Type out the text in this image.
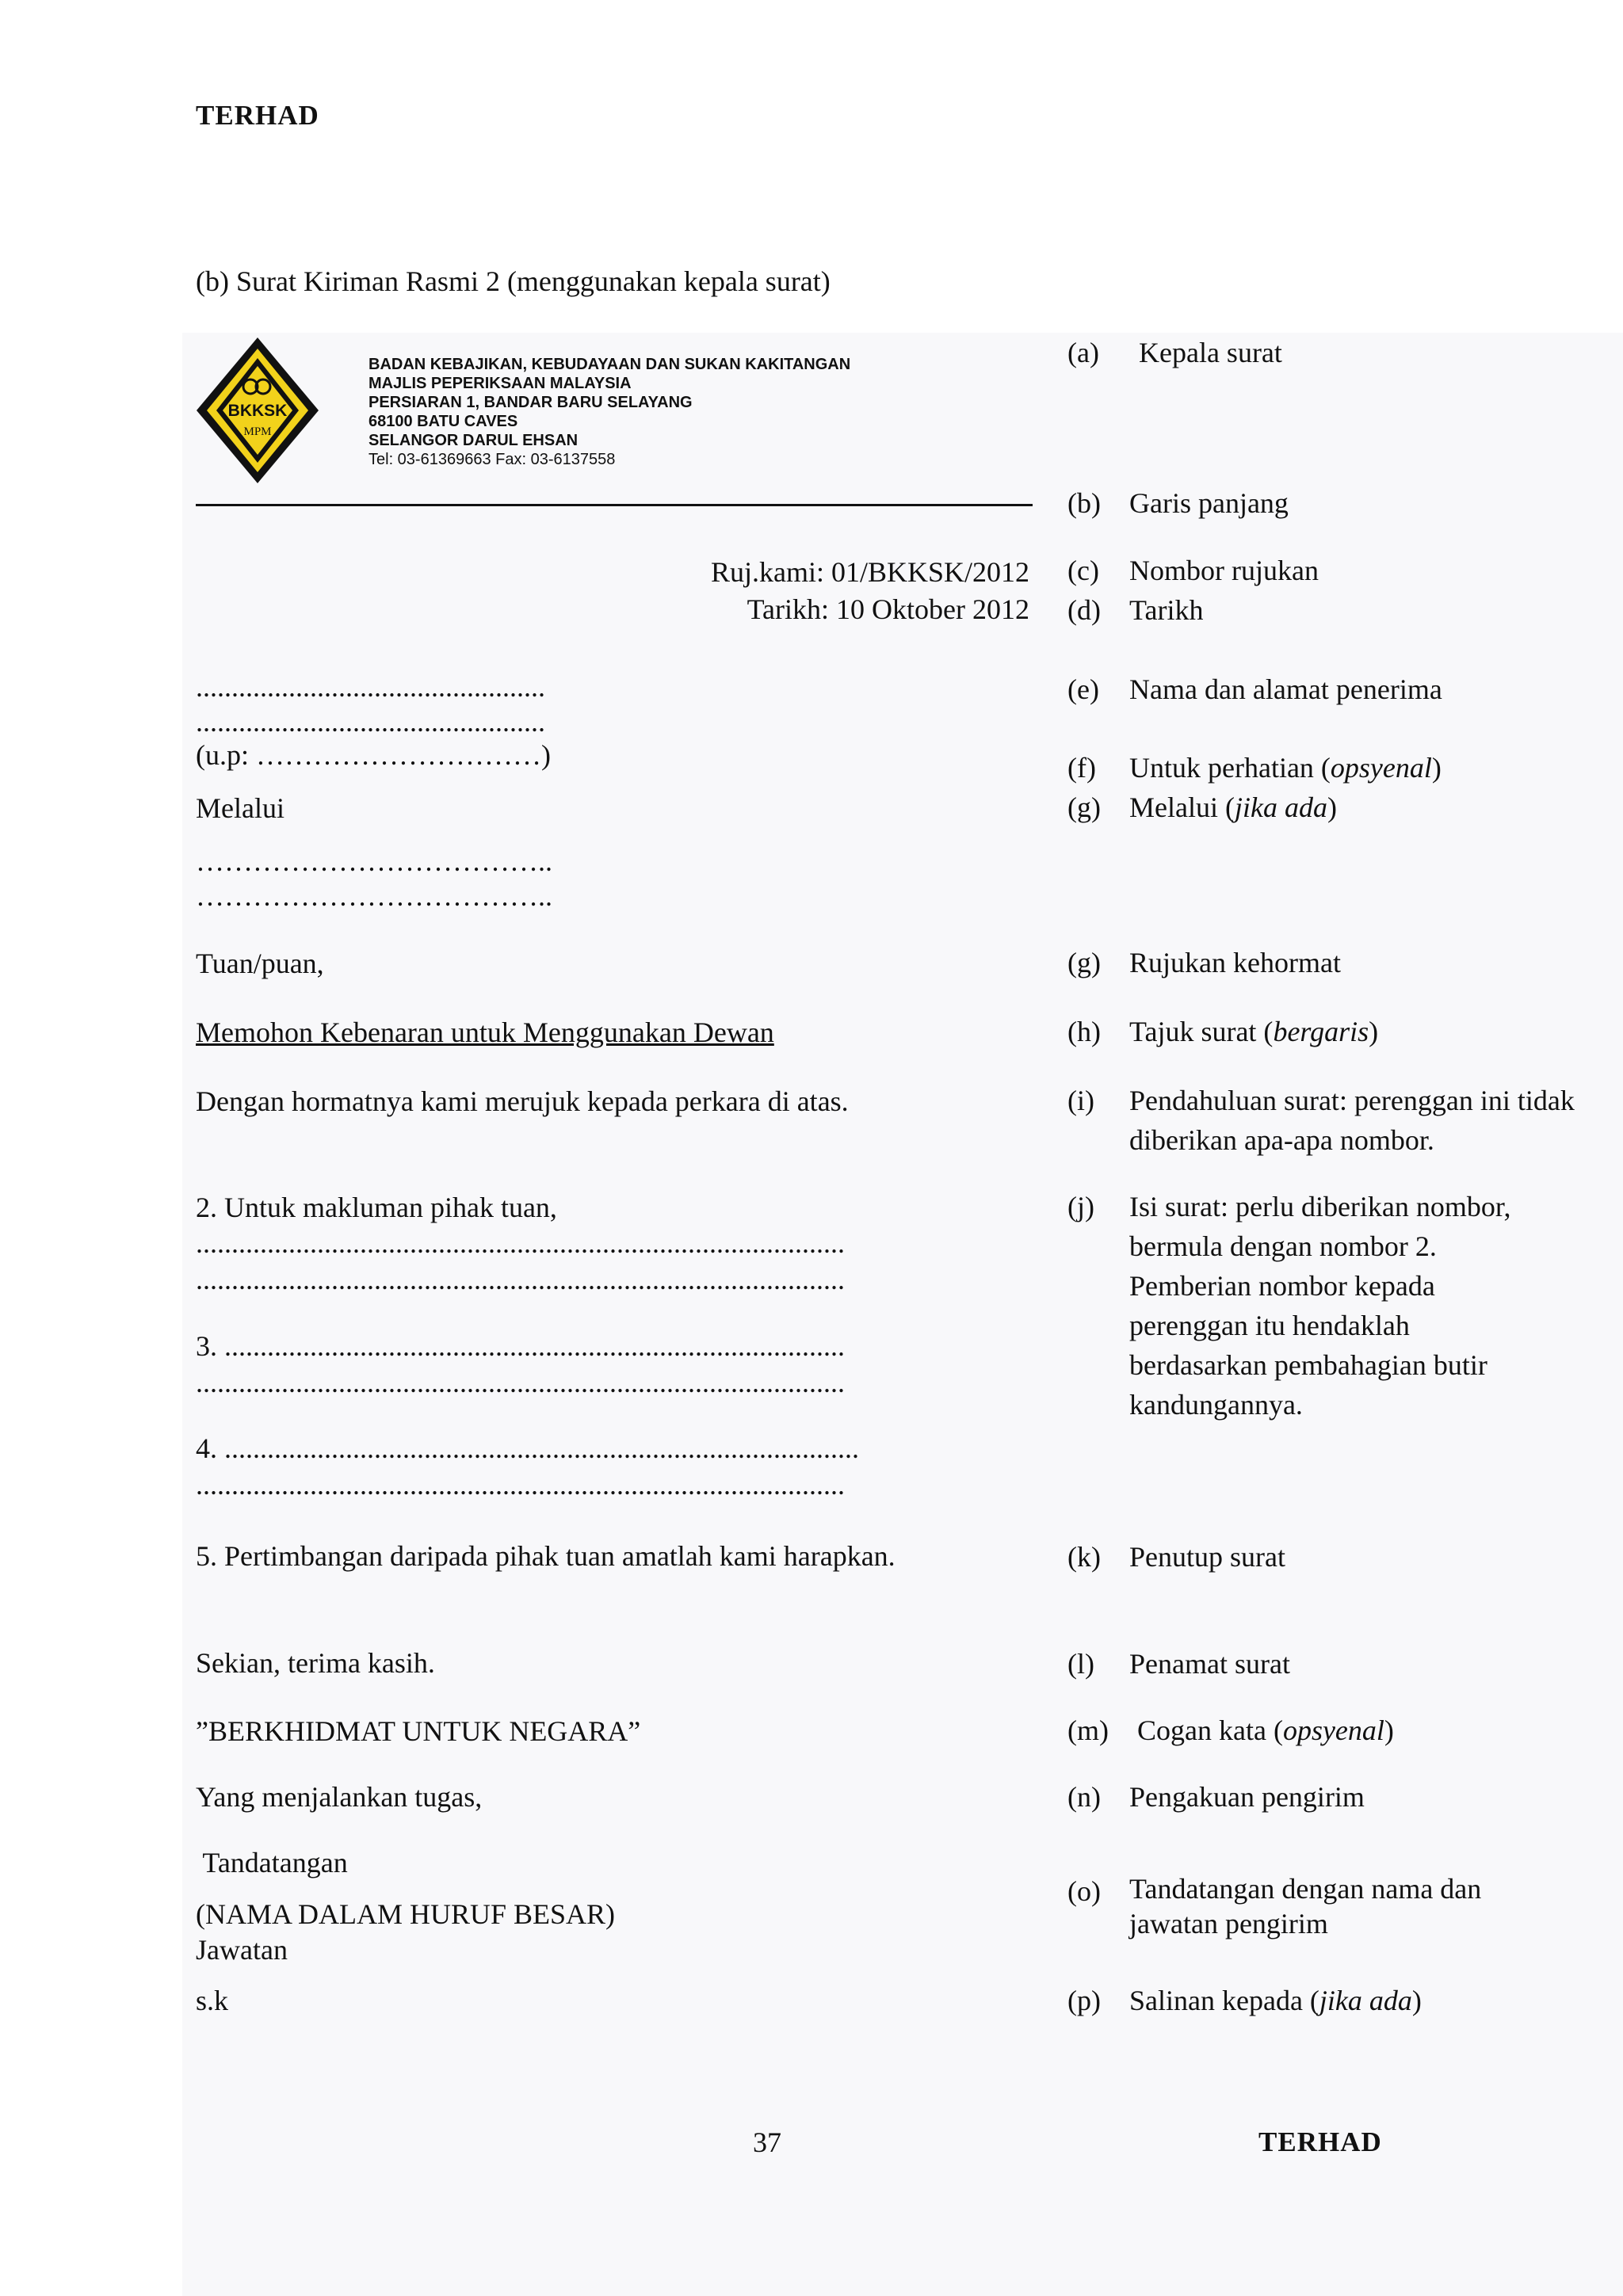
TERHAD
(b) Surat Kiriman Rasmi 2 (menggunakan kepala surat)
BKKSK
MPM
BADAN KEBAJIKAN, KEBUDAYAAN DAN SUKAN KAKITANGAN
MAJLIS PEPERIKSAAN MALAYSIA
PERSIARAN 1, BANDAR BARU SELAYANG
68100 BATU CAVES
SELANGOR DARUL EHSAN
Tel: 03-61369663 Fax: 03-6137558
Ruj.kami: 01/BKKSK/2012
Tarikh: 10 Oktober 2012
.................................................
.................................................
(u.p: …………………………)
Melalui
………………………………..
………………………………..
Tuan/puan,
Memohon Kebenaran untuk Menggunakan Dewan
Dengan hormatnya kami merujuk kepada perkara di atas.
2. Untuk makluman pihak tuan,
...........................................................................................
...........................................................................................
3. .......................................................................................
...........................................................................................
4. .........................................................................................
...........................................................................................
5. Pertimbangan daripada pihak tuan amatlah kami harapkan.
Sekian, terima kasih.
”BERKHIDMAT UNTUK NEGARA”
Yang menjalankan tugas,
Tandatangan
(NAMA DALAM HURUF BESAR)
Jawatan
s.k
(a) Kepala surat
(b) Garis panjang
(c) Nombor rujukan
(d) Tarikh
(e) Nama dan alamat penerima
(f) Untuk perhatian (opsyenal)
(g) Melalui (jika ada)
(g) Rujukan kehormat
(h) Tajuk surat (bergaris)
(i)	Pendahuluan surat: perenggan ini tidak diberikan apa-apa nombor.
(j)	Isi surat: perlu diberikan nombor, bermula dengan nombor 2. Pemberian nombor kepada perenggan itu hendaklah berdasarkan pembahagian butir kandungannya.
(k) Penutup surat
(l) Penamat surat
(m) Cogan kata (opsyenal)
(n) Pengakuan pengirim
(o)	Tandatangan dengan nama dan jawatan pengirim
(p) Salinan kepada (jika ada)
37	TERHAD
